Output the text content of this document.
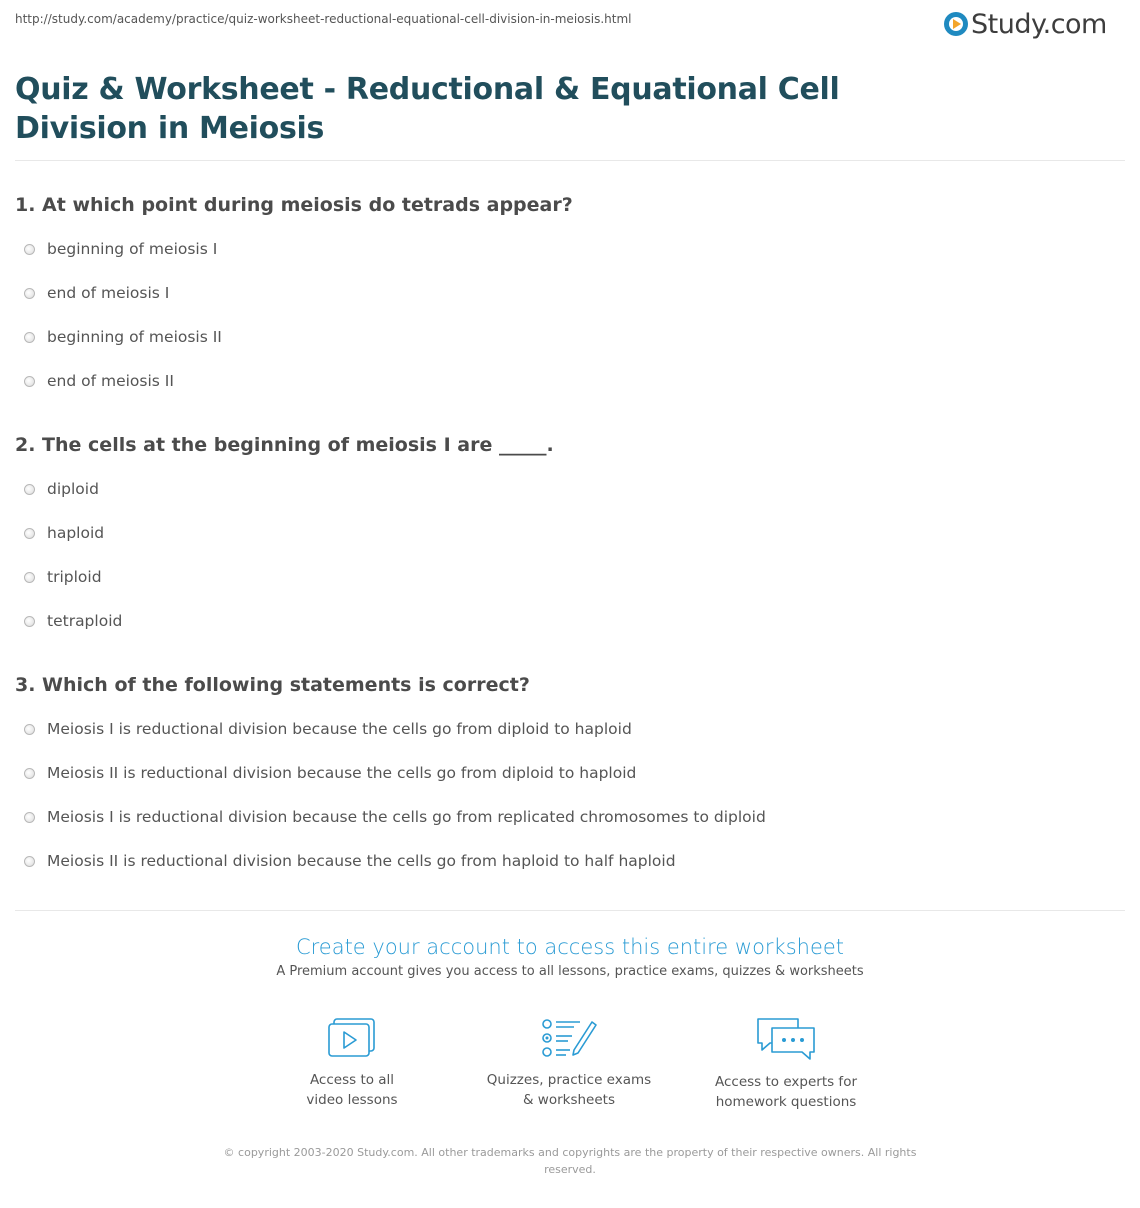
http://study.com/academy/practice/quiz-worksheet-reductional-equational-cell-division-in-meiosis.html	Study.com
Quiz & Worksheet - Reductional & Equational Cell Division in Meiosis
1. At which point during meiosis do tetrads appear?
beginning of meiosis I
end of meiosis I
beginning of meiosis II
end of meiosis II
2. The cells at the beginning of meiosis I are _____.
diploid
haploid
triploid
tetraploid
3. Which of the following statements is correct?
Meiosis I is reductional division because the cells go from diploid to haploid
Meiosis II is reductional division because the cells go from diploid to haploid
Meiosis I is reductional division because the cells go from replicated chromosomes to diploid
Meiosis II is reductional division because the cells go from haploid to half haploid
Create your account to access this entire worksheet
A Premium account gives you access to all lessons, practice exams, quizzes & worksheets
Access to all
video lessons
Quizzes, practice exams
& worksheets
Access to experts for
homework questions
© copyright 2003-2020 Study.com. All other trademarks and copyrights are the property of their respective owners. All rights reserved.
